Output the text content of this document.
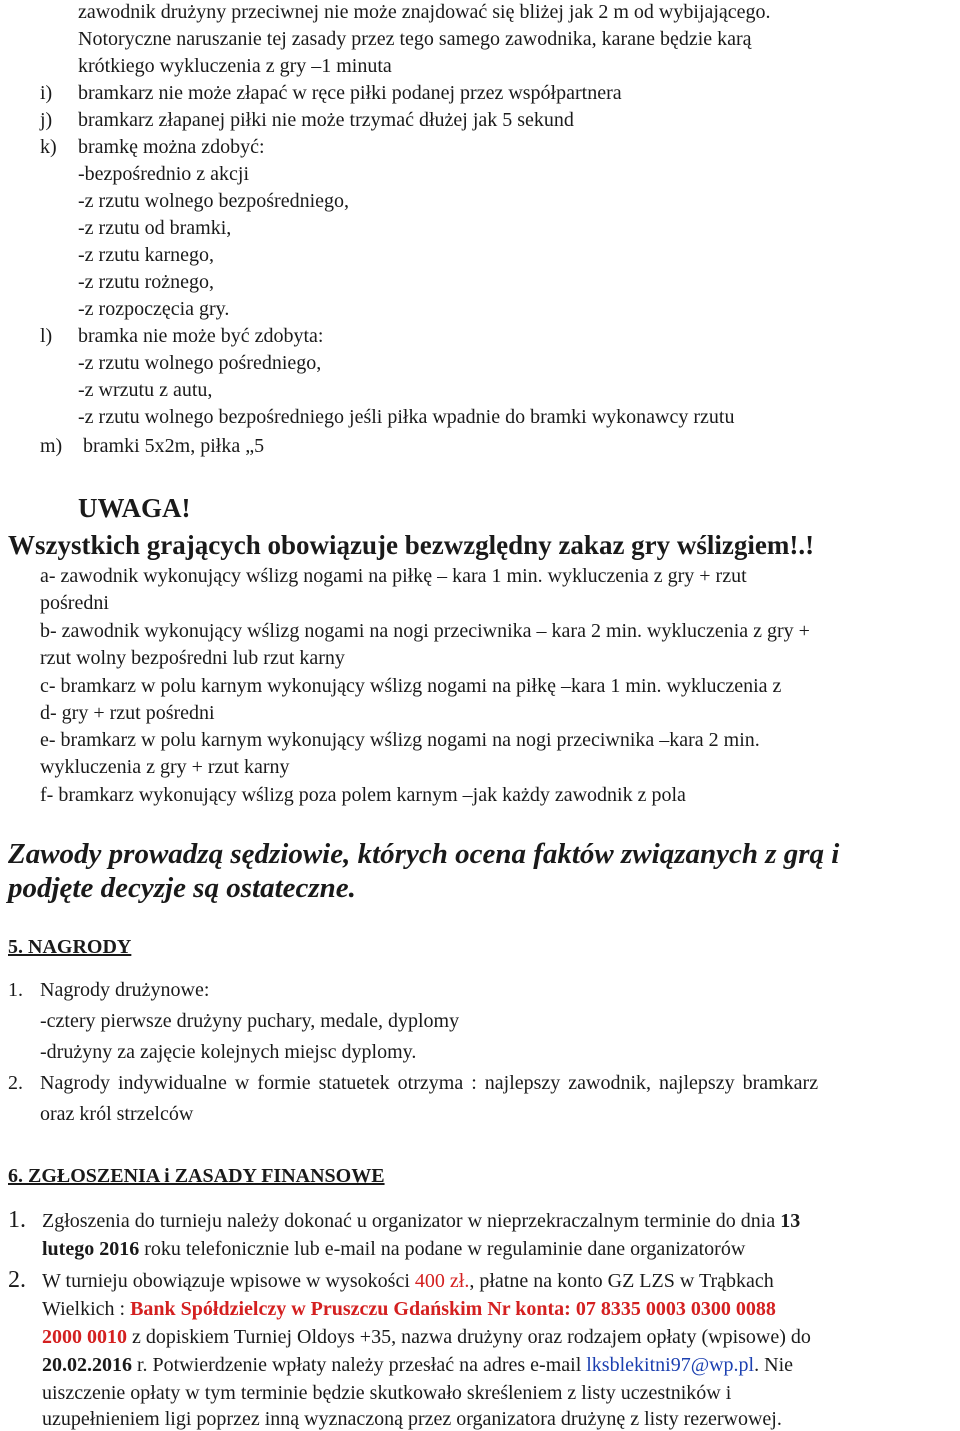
zawodnik drużyny przeciwnej nie może znajdować się bliżej jak 2 m od wybijającego.
Notoryczne naruszanie tej zasady przez tego samego zawodnika, karane będzie karą
krótkiego wykluczenia z gry –1 minuta
i) bramkarz nie może złapać w ręce piłki podanej przez współpartnera
j) bramkarz złapanej piłki nie może trzymać dłużej jak 5 sekund
k) bramkę można zdobyć:
-bezpośrednio z akcji
-z rzutu wolnego bezpośredniego,
-z rzutu od bramki,
-z rzutu karnego,
-z rzutu rożnego,
-z rozpoczęcia gry.
l) bramka nie może być zdobyta:
-z rzutu wolnego pośredniego,
-z wrzutu z autu,
-z rzutu wolnego bezpośredniego jeśli piłka wpadnie do bramki wykonawcy rzutu
m) bramki 5x2m, piłka „5
UWAGA!
Wszystkich grających obowiązuje bezwzględny zakaz gry wślizgiem!.!
a- zawodnik wykonujący wślizg nogami na piłkę – kara 1 min. wykluczenia z gry + rzut
pośredni
b- zawodnik wykonujący wślizg nogami na nogi przeciwnika – kara 2 min. wykluczenia z gry +
rzut wolny bezpośredni lub rzut karny
c- bramkarz w polu karnym wykonujący wślizg nogami na piłkę –kara 1 min. wykluczenia z
d- gry + rzut pośredni
e- bramkarz w polu karnym wykonujący wślizg nogami na nogi przeciwnika –kara 2 min.
wykluczenia z gry + rzut karny
f- bramkarz wykonujący wślizg poza polem karnym –jak każdy zawodnik z pola
Zawody prowadzą sędziowie, których ocena faktów związanych z grą i
podjęte decyzje są ostateczne.
5. NAGRODY
1. Nagrody drużynowe:
-cztery pierwsze drużyny puchary, medale, dyplomy
-drużyny za zajęcie kolejnych miejsc dyplomy.
2. Nagrody indywidualne w formie statuetek otrzyma : najlepszy zawodnik, najlepszy bramkarz
oraz król strzelców
6. ZGŁOSZENIA i ZASADY FINANSOWE
1. Zgłoszenia do turnieju należy dokonać u organizator w nieprzekraczalnym terminie do dnia 13
lutego 2016 roku telefonicznie lub e-mail na podane w regulaminie dane organizatorów
2. W turnieju obowiązuje wpisowe w wysokości 400 zł., płatne na konto GZ LZS w Trąbkach
Wielkich : Bank Spółdzielczy w Pruszczu Gdańskim Nr konta: 07 8335 0003 0300 0088
2000 0010 z dopiskiem Turniej Oldoys +35, nazwa drużyny oraz rodzajem opłaty (wpisowe) do
20.02.2016 r. Potwierdzenie wpłaty należy przesłać na adres e-mail lksblekitni97@wp.pl. Nie
uiszczenie opłaty w tym terminie będzie skutkowało skreśleniem z listy uczestników i
uzupełnieniem ligi poprzez inną wyznaczoną przez organizatora drużynę z listy rezerwowej.
